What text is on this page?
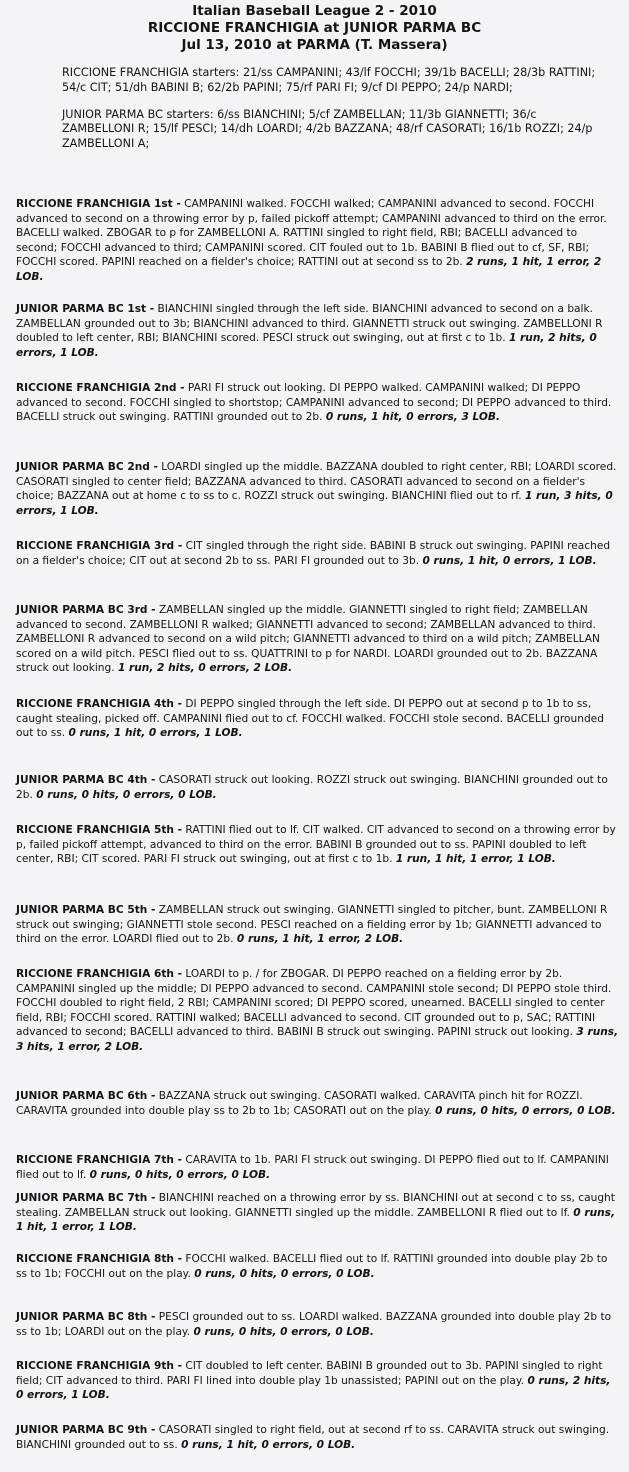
Italian Baseball League 2 - 2010
RICCIONE FRANCHIGIA at JUNIOR PARMA BC
Jul 13, 2010 at PARMA (T. Massera)

RICCIONE FRANCHIGIA starters: 21/ss CAMPANINI; 43/lf FOCCHI; 39/1b BACELLI; 28/3b RATTINI; 54/c CIT; 51/dh BABINI B; 62/2b PAPINI; 75/rf PARI FI; 9/cf DI PEPPO; 24/p NARDI;

JUNIOR PARMA BC starters: 6/ss BIANCHINI; 5/cf ZAMBELLAN; 11/3b GIANNETTI; 36/c ZAMBELLONI R; 15/lf PESCI; 14/dh LOARDI; 4/2b BAZZANA; 48/rf CASORATI; 16/1b ROZZI; 24/p ZAMBELLONI A;

RICCIONE FRANCHIGIA 1st - CAMPANINI walked. FOCCHI walked; CAMPANINI advanced to second. FOCCHI advanced to second on a throwing error by p, failed pickoff attempt; CAMPANINI advanced to third on the error. BACELLI walked. ZBOGAR to p for ZAMBELLONI A. RATTINI singled to right field, RBI; BACELLI advanced to second; FOCCHI advanced to third; CAMPANINI scored. CIT fouled out to 1b. BABINI B flied out to cf, SF, RBI; FOCCHI scored. PAPINI reached on a fielder's choice; RATTINI out at second ss to 2b. 2 runs, 1 hit, 1 error, 2 LOB.
JUNIOR PARMA BC 1st - BIANCHINI singled through the left side. BIANCHINI advanced to second on a balk. ZAMBELLAN grounded out to 3b; BIANCHINI advanced to third. GIANNETTI struck out swinging. ZAMBELLONI R doubled to left center, RBI; BIANCHINI scored. PESCI struck out swinging, out at first c to 1b. 1 run, 2 hits, 0 errors, 1 LOB.
RICCIONE FRANCHIGIA 2nd - PARI FI struck out looking. DI PEPPO walked. CAMPANINI walked; DI PEPPO advanced to second. FOCCHI singled to shortstop; CAMPANINI advanced to second; DI PEPPO advanced to third. BACELLI struck out swinging. RATTINI grounded out to 2b. 0 runs, 1 hit, 0 errors, 3 LOB.
JUNIOR PARMA BC 2nd - LOARDI singled up the middle. BAZZANA doubled to right center, RBI; LOARDI scored. CASORATI singled to center field; BAZZANA advanced to third. CASORATI advanced to second on a fielder's choice; BAZZANA out at home c to ss to c. ROZZI struck out swinging. BIANCHINI flied out to rf. 1 run, 3 hits, 0 errors, 1 LOB.
RICCIONE FRANCHIGIA 3rd - CIT singled through the right side. BABINI B struck out swinging. PAPINI reached on a fielder's choice; CIT out at second 2b to ss. PARI FI grounded out to 3b. 0 runs, 1 hit, 0 errors, 1 LOB.
JUNIOR PARMA BC 3rd - ZAMBELLAN singled up the middle. GIANNETTI singled to right field; ZAMBELLAN advanced to second. ZAMBELLONI R walked; GIANNETTI advanced to second; ZAMBELLAN advanced to third. ZAMBELLONI R advanced to second on a wild pitch; GIANNETTI advanced to third on a wild pitch; ZAMBELLAN scored on a wild pitch. PESCI flied out to ss. QUATTRINI to p for NARDI. LOARDI grounded out to 2b. BAZZANA struck out looking. 1 run, 2 hits, 0 errors, 2 LOB.
RICCIONE FRANCHIGIA 4th - DI PEPPO singled through the left side. DI PEPPO out at second p to 1b to ss, caught stealing, picked off. CAMPANINI flied out to cf. FOCCHI walked. FOCCHI stole second. BACELLI grounded out to ss. 0 runs, 1 hit, 0 errors, 1 LOB.
JUNIOR PARMA BC 4th - CASORATI struck out looking. ROZZI struck out swinging. BIANCHINI grounded out to 2b. 0 runs, 0 hits, 0 errors, 0 LOB.
RICCIONE FRANCHIGIA 5th - RATTINI flied out to lf. CIT walked. CIT advanced to second on a throwing error by p, failed pickoff attempt, advanced to third on the error. BABINI B grounded out to ss. PAPINI doubled to left center, RBI; CIT scored. PARI FI struck out swinging, out at first c to 1b. 1 run, 1 hit, 1 error, 1 LOB.
JUNIOR PARMA BC 5th - ZAMBELLAN struck out swinging. GIANNETTI singled to pitcher, bunt. ZAMBELLONI R struck out swinging; GIANNETTI stole second. PESCI reached on a fielding error by 1b; GIANNETTI advanced to third on the error. LOARDI flied out to 2b. 0 runs, 1 hit, 1 error, 2 LOB.
RICCIONE FRANCHIGIA 6th - LOARDI to p. / for ZBOGAR. DI PEPPO reached on a fielding error by 2b. CAMPANINI singled up the middle; DI PEPPO advanced to second. CAMPANINI stole second; DI PEPPO stole third. FOCCHI doubled to right field, 2 RBI; CAMPANINI scored; DI PEPPO scored, unearned. BACELLI singled to center field, RBI; FOCCHI scored. RATTINI walked; BACELLI advanced to second. CIT grounded out to p, SAC; RATTINI advanced to second; BACELLI advanced to third. BABINI B struck out swinging. PAPINI struck out looking. 3 runs, 3 hits, 1 error, 2 LOB.
JUNIOR PARMA BC 6th - BAZZANA struck out swinging. CASORATI walked. CARAVITA pinch hit for ROZZI. CARAVITA grounded into double play ss to 2b to 1b; CASORATI out on the play. 0 runs, 0 hits, 0 errors, 0 LOB.
RICCIONE FRANCHIGIA 7th - CARAVITA to 1b. PARI FI struck out swinging. DI PEPPO flied out to lf. CAMPANINI flied out to lf. 0 runs, 0 hits, 0 errors, 0 LOB.
JUNIOR PARMA BC 7th - BIANCHINI reached on a throwing error by ss. BIANCHINI out at second c to ss, caught stealing. ZAMBELLAN struck out looking. GIANNETTI singled up the middle. ZAMBELLONI R flied out to lf. 0 runs, 1 hit, 1 error, 1 LOB.
RICCIONE FRANCHIGIA 8th - FOCCHI walked. BACELLI flied out to lf. RATTINI grounded into double play 2b to ss to 1b; FOCCHI out on the play. 0 runs, 0 hits, 0 errors, 0 LOB.
JUNIOR PARMA BC 8th - PESCI grounded out to ss. LOARDI walked. BAZZANA grounded into double play 2b to ss to 1b; LOARDI out on the play. 0 runs, 0 hits, 0 errors, 0 LOB.
RICCIONE FRANCHIGIA 9th - CIT doubled to left center. BABINI B grounded out to 3b. PAPINI singled to right field; CIT advanced to third. PARI FI lined into double play 1b unassisted; PAPINI out on the play. 0 runs, 2 hits, 0 errors, 1 LOB.
JUNIOR PARMA BC 9th - CASORATI singled to right field, out at second rf to ss. CARAVITA struck out swinging. BIANCHINI grounded out to ss. 0 runs, 1 hit, 0 errors, 0 LOB.
